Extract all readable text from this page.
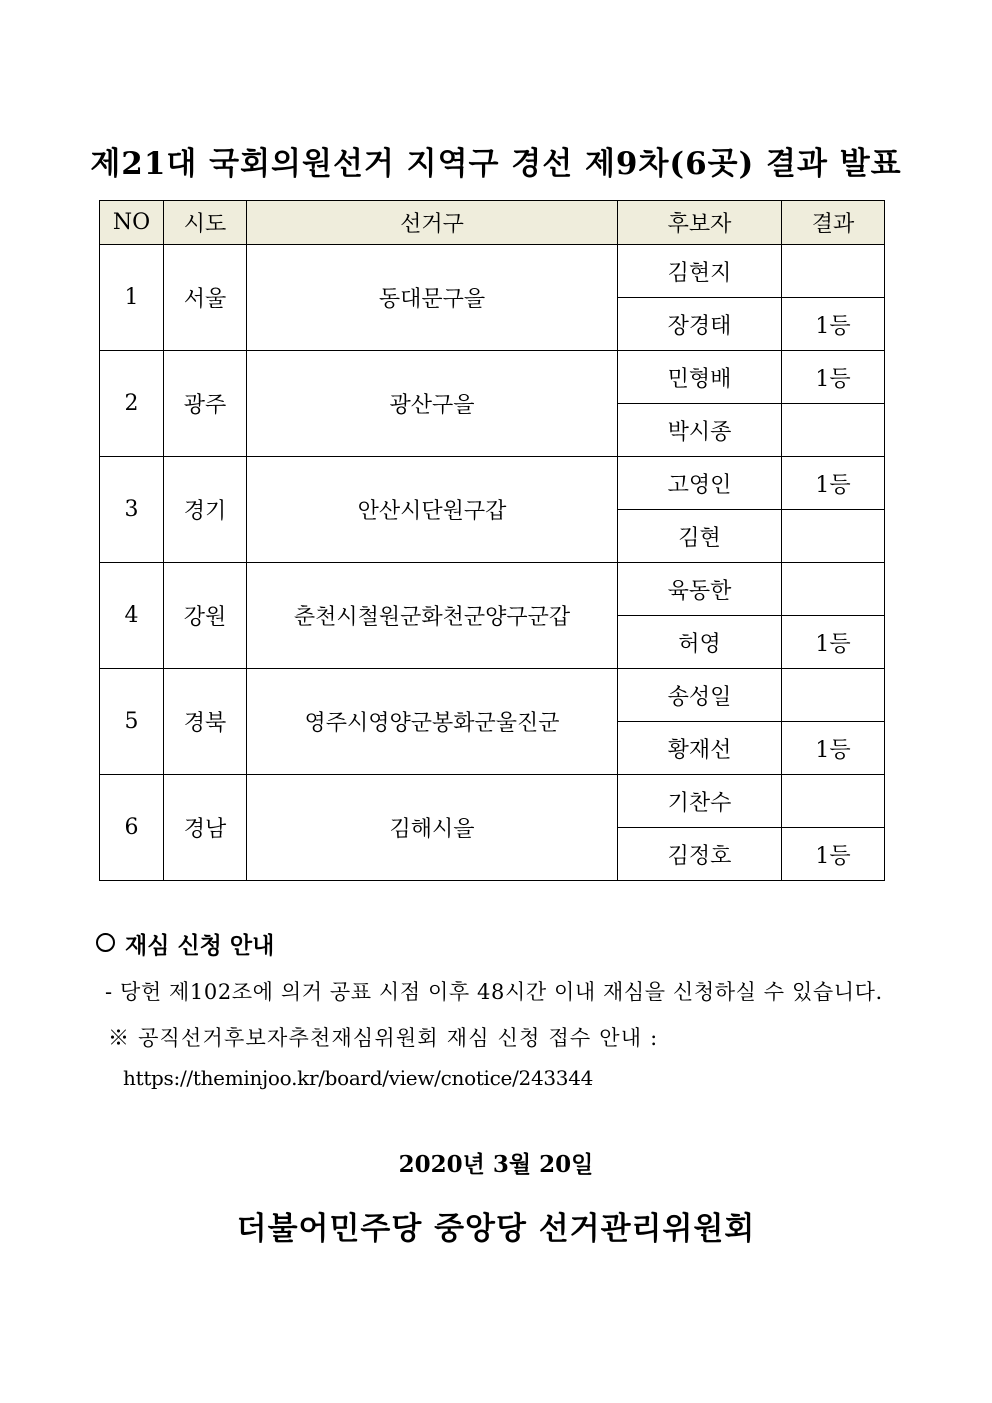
제21대 국회의원선거 지역구 경선 제9차(6곳) 결과 발표
NO	시도	선거구	후보자	결과
1	서울	동대문구을	김현지	
			장경태	1등
2	광주	광산구을	민형배	1등
			박시종	
3	경기	안산시단원구갑	고영인	1등
			김현	
4	강원	춘천시철원군화천군양구군갑	육동한	
			허영	1등
5	경북	영주시영양군봉화군울진군	송성일	
			황재선	1등
6	경남	김해시을	기찬수	
			김정호	1등
재심 신청 안내
- 당헌 제102조에 의거 공표 시점 이후 48시간 이내 재심을 신청하실 수 있습니다.
※ 공직선거후보자추천재심위원회 재심 신청 접수 안내 :
https://theminjoo.kr/board/view/cnotice/243344
2020년 3월 20일
더불어민주당 중앙당 선거관리위원회
